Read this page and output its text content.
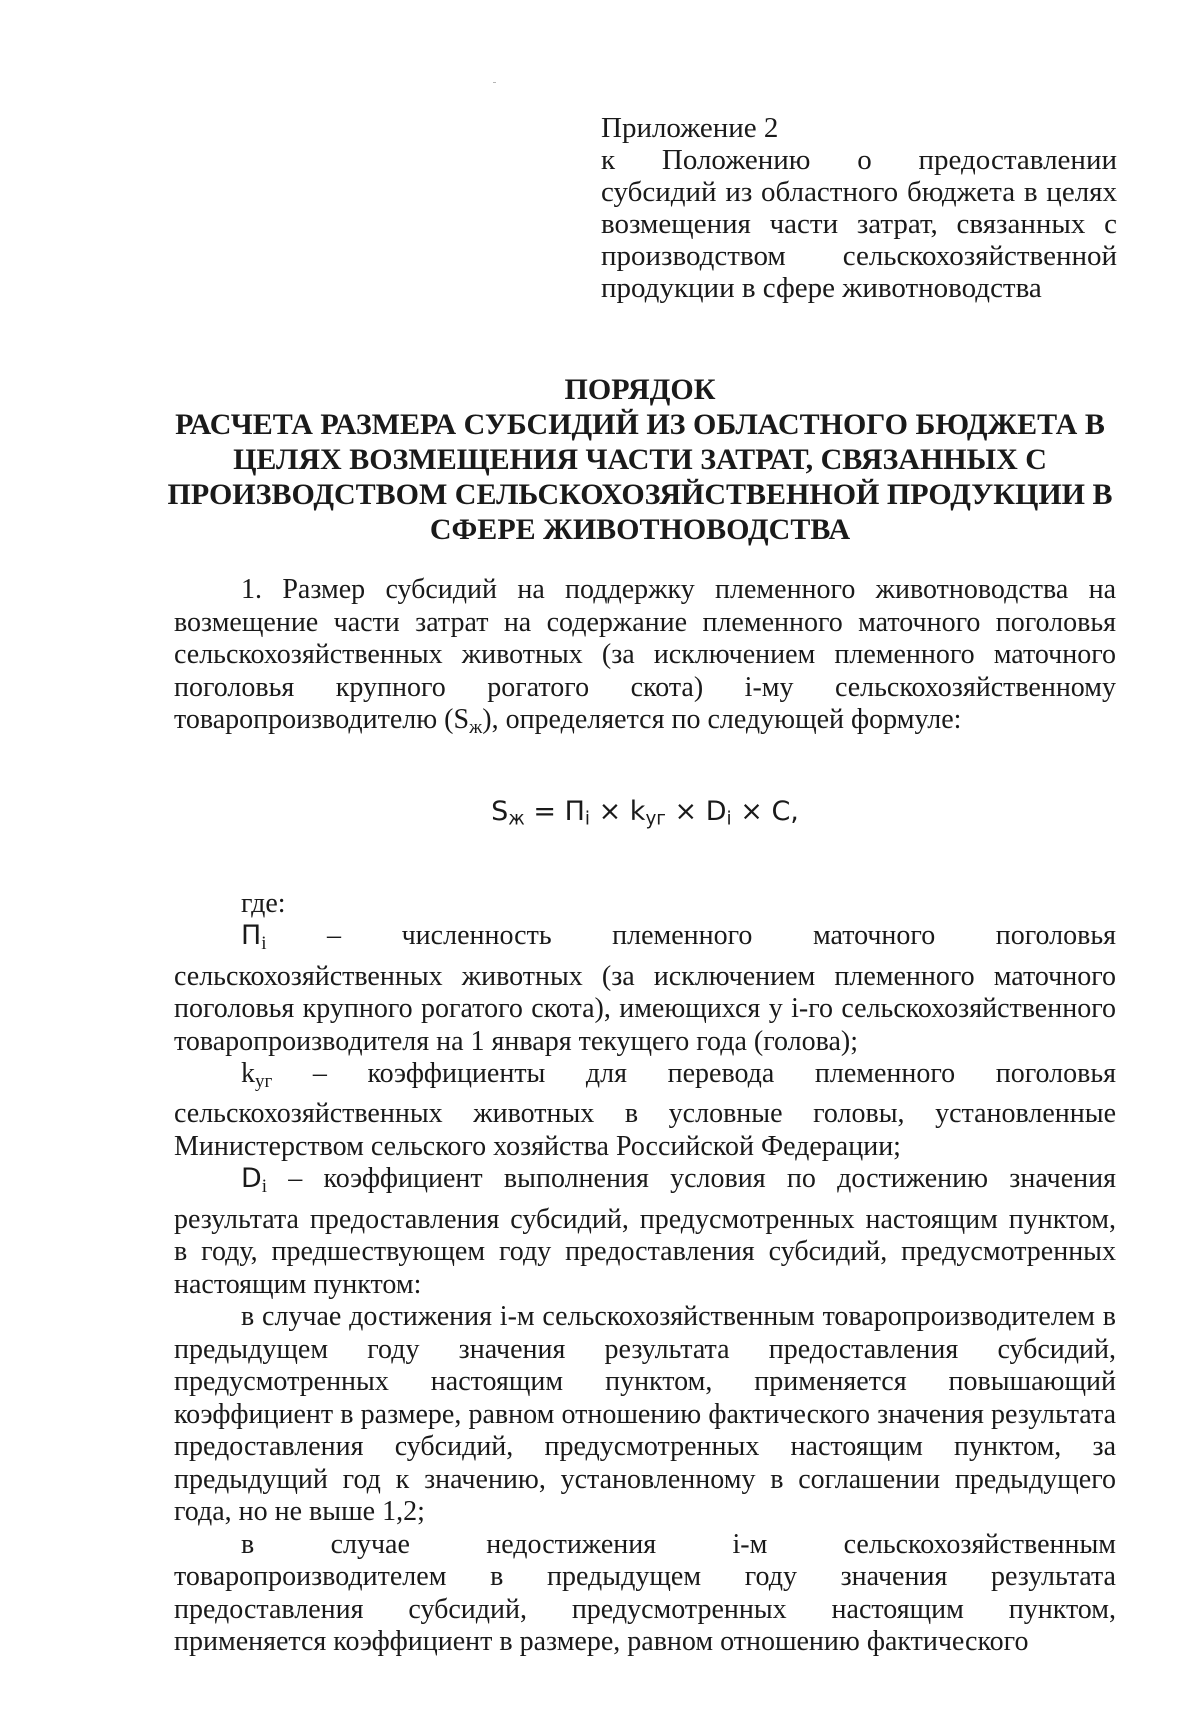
Приложение 2
к Положению о предоставлении субсидий из областного бюджета в целях возмещения части затрат, связанных с производством сельскохозяйственной продукции в сфере животноводства
ПОРЯДОК
РАСЧЕТА РАЗМЕРА СУБСИДИЙ ИЗ ОБЛАСТНОГО БЮДЖЕТА В
ЦЕЛЯХ ВОЗМЕЩЕНИЯ ЧАСТИ ЗАТРАТ, СВЯЗАННЫХ С
ПРОИЗВОДСТВОМ СЕЛЬСКОХОЗЯЙСТВЕННОЙ ПРОДУКЦИИ В
СФЕРЕ ЖИВОТНОВОДСТВА

1. Размер субсидий на поддержку племенного животноводства на возмещение части затрат на содержание племенного маточного поголовья сельскохозяйственных животных (за исключением племенного маточного поголовья крупного рогатого скота) i-му сельскохозяйственному товаропроизводителю $(S_ж)$, определяется по следующей формуле:

$S_ж = П_i \times k_{уг} \times D_i \times C$,

где:

$П_i$ – численность племенного маточного поголовья сельскохозяйственных животных (за исключением племенного маточного поголовья крупного рогатого скота), имеющихся у i-го сельскохозяйственного товаропроизводителя на 1 января текущего года (голова);

$k_{уг}$ – коэффициенты для перевода племенного поголовья сельскохозяйственных животных в условные головы, установленные Министерством сельского хозяйства Российской Федерации;

$D_i$ – коэффициент выполнения условия по достижению значения результата предоставления субсидий, предусмотренных настоящим пунктом, в году, предшествующем году предоставления субсидий, предусмотренных настоящим пунктом:

в случае достижения i-м сельскохозяйственным товаропроизводителем в предыдущем году значения результата предоставления субсидий, предусмотренных настоящим пунктом, применяется повышающий коэффициент в размере, равном отношению фактического значения результата предоставления субсидий, предусмотренных настоящим пунктом, за предыдущий год к значению, установленному в соглашении предыдущего года, но не выше 1,2;

в случае недостижения i-м сельскохозяйственным товаропроизводителем в предыдущем году значения результата предоставления субсидий, предусмотренных настоящим пунктом, применяется коэффициент в размере, равном отношению фактического
